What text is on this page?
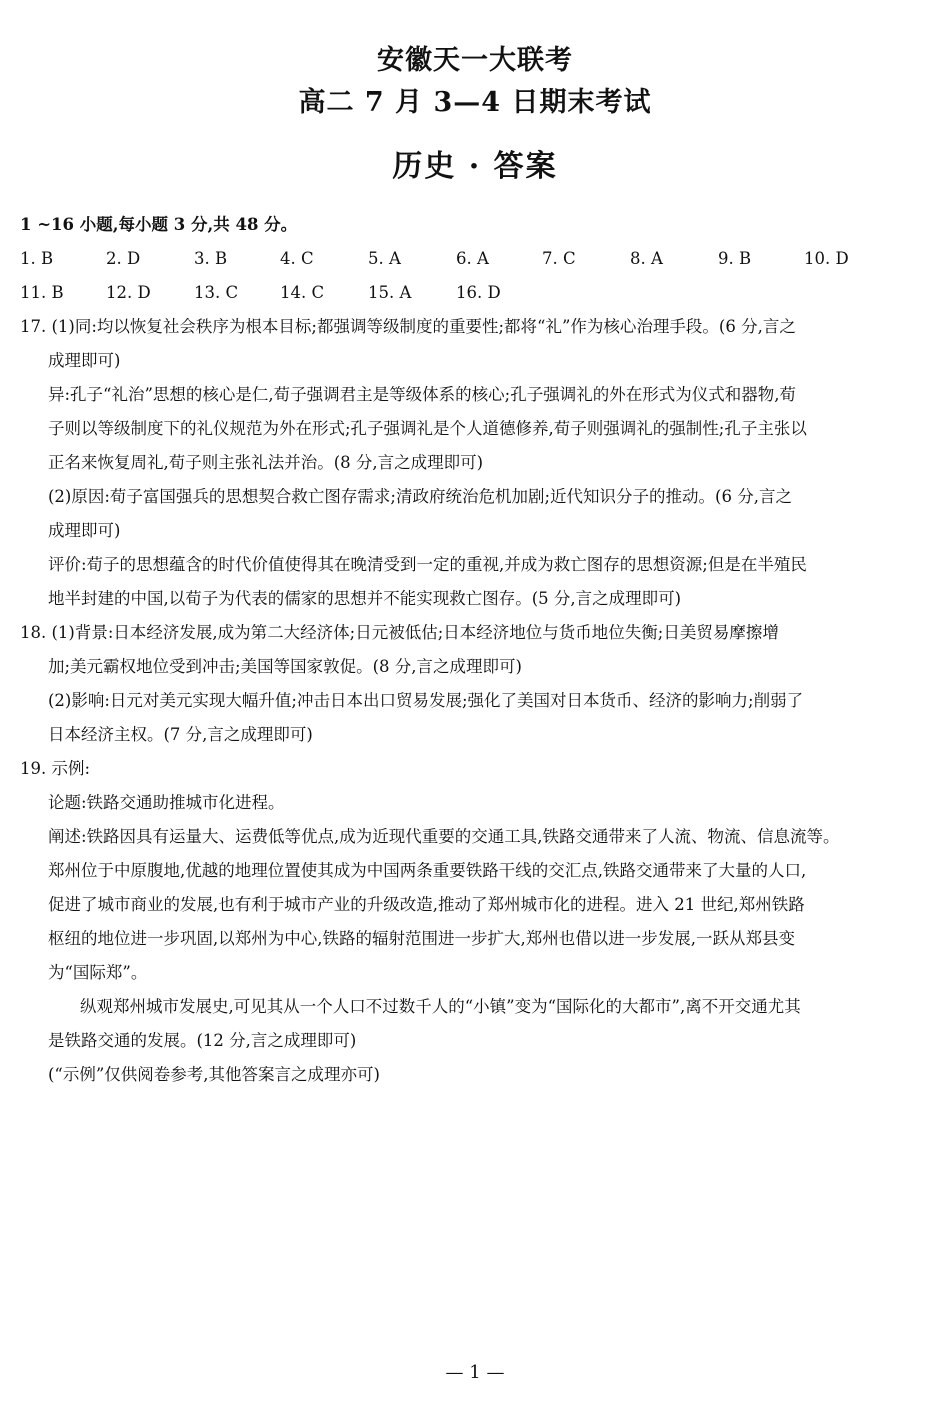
安徽天一大联考
高二 7 月 3—4 日期末考试
历史 · 答案
1 ~16 小题,每小题 3 分,共 48 分。
1. B	2. D	3. B	4. C	5. A	6. A	7. C	8. A	9. B	10. D
11. B	12. D	13. C	14. C	15. A	16. D
17. (1)同:均以恢复社会秩序为根本目标;都强调等级制度的重要性;都将“礼”作为核心治理手段。(6 分,言之
成理即可)
异:孔子“礼治”思想的核心是仁,荀子强调君主是等级体系的核心;孔子强调礼的外在形式为仪式和器物,荀
子则以等级制度下的礼仪规范为外在形式;孔子强调礼是个人道德修养,荀子则强调礼的强制性;孔子主张以
正名来恢复周礼,荀子则主张礼法并治。(8 分,言之成理即可)
(2)原因:荀子富国强兵的思想契合救亡图存需求;清政府统治危机加剧;近代知识分子的推动。(6 分,言之
成理即可)
评价:荀子的思想蕴含的时代价值使得其在晚清受到一定的重视,并成为救亡图存的思想资源;但是在半殖民
地半封建的中国,以荀子为代表的儒家的思想并不能实现救亡图存。(5 分,言之成理即可)
18. (1)背景:日本经济发展,成为第二大经济体;日元被低估;日本经济地位与货币地位失衡;日美贸易摩擦增
加;美元霸权地位受到冲击;美国等国家敦促。(8 分,言之成理即可)
(2)影响:日元对美元实现大幅升值;冲击日本出口贸易发展;强化了美国对日本货币、经济的影响力;削弱了
日本经济主权。(7 分,言之成理即可)
19. 示例:
论题:铁路交通助推城市化进程。
阐述:铁路因具有运量大、运费低等优点,成为近现代重要的交通工具,铁路交通带来了人流、物流、信息流等。
郑州位于中原腹地,优越的地理位置使其成为中国两条重要铁路干线的交汇点,铁路交通带来了大量的人口,
促进了城市商业的发展,也有利于城市产业的升级改造,推动了郑州城市化的进程。进入 21 世纪,郑州铁路
枢纽的地位进一步巩固,以郑州为中心,铁路的辐射范围进一步扩大,郑州也借以进一步发展,一跃从郑县变
为“国际郑”。
纵观郑州城市发展史,可见其从一个人口不过数千人的“小镇”变为“国际化的大都市”,离不开交通尤其
是铁路交通的发展。(12 分,言之成理即可)
(“示例”仅供阅卷参考,其他答案言之成理亦可)
— 1 —
